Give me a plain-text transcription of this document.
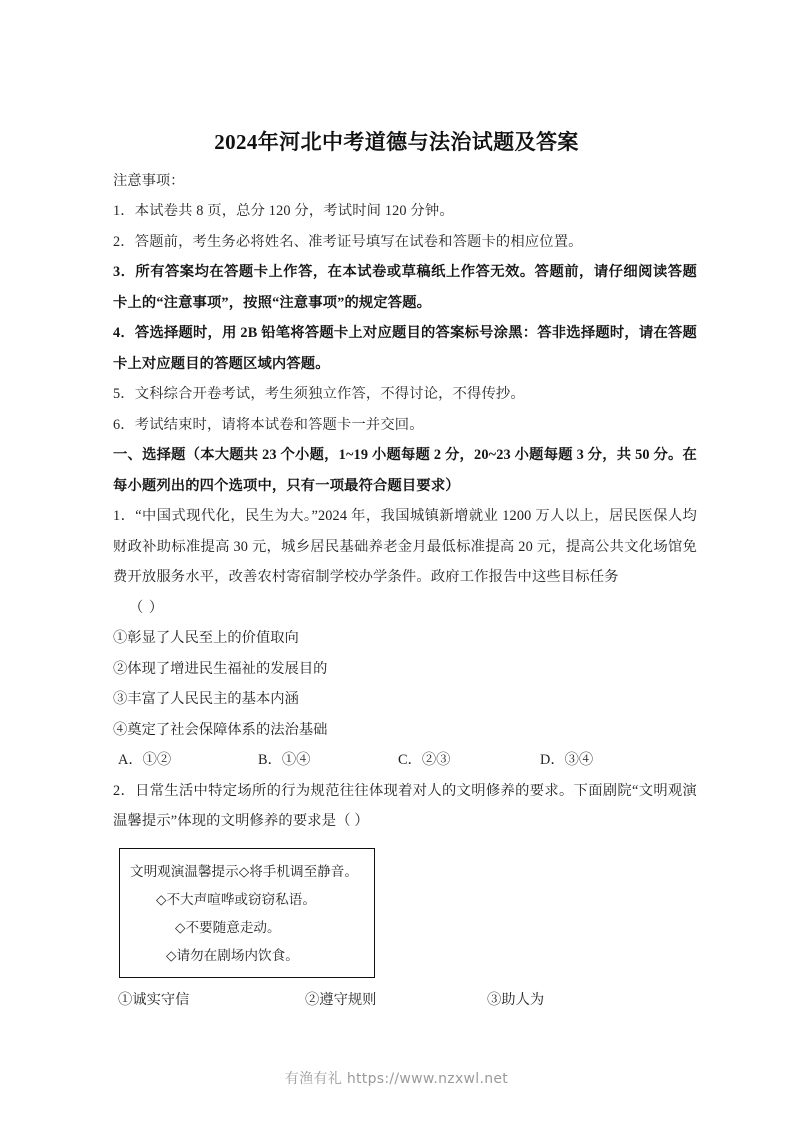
2024年河北中考道德与法治试题及答案

注意事项：

1．本试卷共 8 页，总分 120 分，考试时间 120 分钟。

2．答题前，考生务必将姓名、准考证号填写在试卷和答题卡的相应位置。

3．所有答案均在答题卡上作答，在本试卷或草稿纸上作答无效。答题前，请仔细阅读答题卡上的“注意事项”，按照“注意事项”的规定答题。

4．答选择题时，用 2B 铅笔将答题卡上对应题目的答案标号涂黑：答非选择题时，请在答题卡上对应题目的答题区域内答题。

5．文科综合开卷考试，考生须独立作答，不得讨论，不得传抄。

6．考试结束时，请将本试卷和答题卡一并交回。

一、选择题（本大题共 23 个小题，1~19 小题每题 2 分，20~23 小题每题 3 分，共 50 分。在每小题列出的四个选项中，只有一项最符合题目要求）

1．“中国式现代化，民生为大。”2024 年，我国城镇新增就业 1200 万人以上，居民医保人均财政补助标准提高 30 元，城乡居民基础养老金月最低标准提高 20 元，提高公共文化场馆免费开放服务水平，改善农村寄宿制学校办学条件。政府工作报告中这些目标任务

（ ）

①彰显了人民至上的价值取向

②体现了增进民生福祉的发展目的

③丰富了人民民主的基本内涵

④奠定了社会保障体系的法治基础

A．①②	B．①④	C．②③	D．③④

2．日常生活中特定场所的行为规范往往体现着对人的文明修养的要求。下面剧院“文明观演温馨提示”体现的文明修养的要求是（ ）

①诚实守信	②遵守规则	③助人为

文明观演温馨提示◇将手机调至静音。

◇不大声喧哗或窃窃私语。

◇不要随意走动。

◇请勿在剧场内饮食。

有渔有礼 https://www.nzxwl.net
